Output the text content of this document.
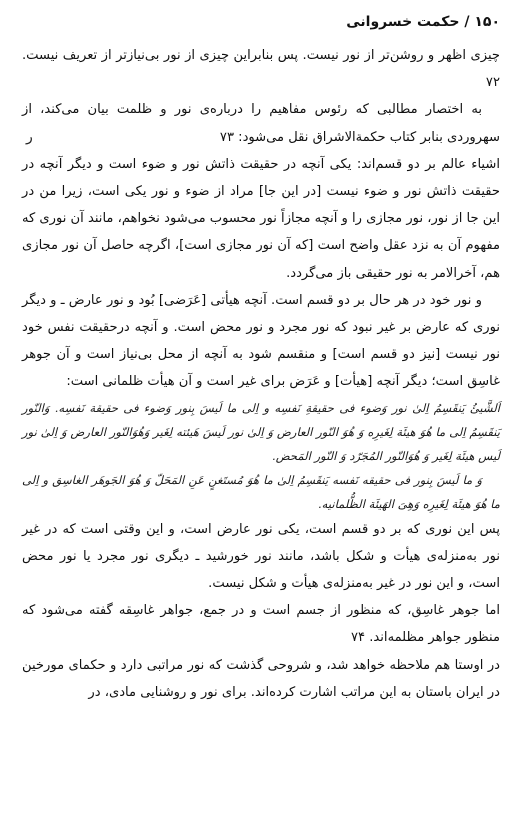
۱۵۰ / حکمت خسروانی

چیزی اظهر و روشن‌تر از نور نیست. پس بنابراین چیزی از نور بی‌نیازتر از تعریف نیست. ۷۲

به اختصار مطالبی که رئوس مفاهیم را درباره‌ی نور و ظلمت بیان می‌کند، از سهروردی بنابر کتاب حکمةالاشراق نقل می‌شود: ۷۳

اشیاء عالم بر دو قسم‌اند: یکی آنچه در حقیقت ذاتش نور و ضوء است و دیگر آنچه در حقیقت ذاتش نور و ضوء نیست [در این جا] مراد از ضوء و نور یکی است، زیرا من در این جا از نور، نور مجازی را و آنچه مجازاً نور محسوب می‌شود نخواهم، مانند آن نوری که مفهوم آن به نزد عقل واضح است [که آن نور مجازی است]، اگرچه حاصل آن نور مجازی هم، آخرالامر به نور حقیقی باز می‌گردد.

و نور خود در هر حال بر دو قسم است. آنچه هیأتی [عَرَضی] بُود و نور عارض ـ و دیگر نوری که عارض بر غیر نبود که نور مجرد و نور محض است. و آنچه درحقیقت نفس خود نور نیست [نیز دو قسم است] و منقسم شود به آنچه از محل بی‌نیاز است و آن جوهر غاسِق است؛ دیگر آنچه [هیأت] و عَرَض برای غیر است و آن هیأت ظلمانی است:

اَلشَّیئُ یَنقَسِمُ اِلیٰ نور وَضوء فی حقیقةِ نَفسِه و اِلی ما لَیسَ بِنور وَضوء فی حقیقة نَفسِه. وَالنّور یَنقَسِمُ اِلی ما هُوَ هیئَة لِغَیرِه وَ هُوَ النّور العارض وَ اِلیٰ نور لَیسَ هَیئته لِغَیر وَهُوَالنّور العارض وَ اِلیٰ نور لَیس هیئَة لِغَیر وَ هُوَالنّور المُجَرّد وَ النّور المَحض.

وَ ما لَیسَ بِنور فی حقیقه نَفسه یَنقَسِمُ اِلیٰ ما هُوَ مُستَغنٍ عَنِ المَحَلّ وَ هُوَ الجَوهَر الغاسِق و اِلی ما هُوَ هیئَة لِغَیرِه وَهِیَ الهَیئَة الظُّلمانیه.

پس این نوری که بر دو قسم است، یکی نور عارض است، و این وقتی است که در غیر نور به‌منزله‌ی هیأت و شکل باشد، مانند نور خورشید ـ دیگری نور مجرد یا نور محض است، و این نور در غیر به‌منزله‌ی هیأت و شکل نیست.

اما جوهر غاسِق، که منظور از جسم است و در جمع، جواهر غاسِقه گفته می‌شود که منظور جواهر مظلمه‌اند. ۷۴

در اوستا هم ملاحظه خواهد شد، و شروحی گذشت که نور مراتبی دارد و حکمای مورخین در ایران باستان به این مراتب اشارت کرده‌اند. برای نور و روشنایی مادی، در

ر
